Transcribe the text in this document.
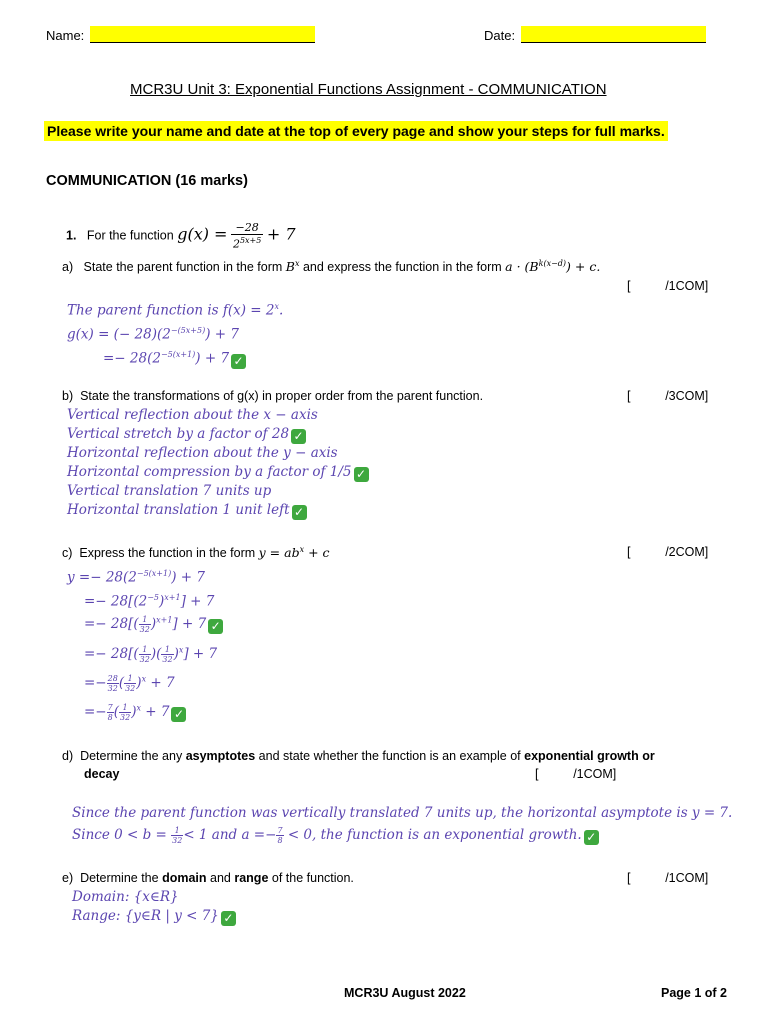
Name:	Date:
MCR3U Unit 3: Exponential Functions Assignment - COMMUNICATION
Please write your name and date at the top of every page and show your steps for full marks.
COMMUNICATION (16 marks)
1. For the function $g(x) = \frac{-28}{2^{5x+5}} + 7$
a) State the parent function in the form $B^x$ and express the function in the form $a \cdot (B^{k(x-d)}) + c$.
[          /1COM]
The parent function is $f(x) = 2^x$.
g(x) = (− $28)(2^{-(5x+5)}) + 7$
=− $28(2^{-5(x+1)}) + 7$ ✓
b) State the transformations of g(x) in proper order from the parent function.	[          /3COM]
Vertical reflection about the x − axis
Vertical stretch by a factor of 28 ✓
Horizontal reflection about the y − axis
Horizontal compression by a factor of 1/5 ✓
Vertical translation 7 units up
Horizontal translation 1 unit left ✓
c) Express the function in the form $y = ab^x + c$	[          /2COM]
$y =- 28(2^{-5(x+1)}) + 7$
=− $28[(2^{-5})^{x+1}] + 7$
=− $28[( \frac{1}{32} )^{x+1}] + 7$ ✓
=− $28[( \frac{1}{32}$ )( $\frac{1}{32} )^x] + 7$
=− $\frac{28}{32}$ ( $\frac{1}{32} )^x + 7$
=− $\frac{7}{8}$ ( $\frac{1}{32} )^x + 7$ ✓
d) Determine the any asymptotes and state whether the function is an example of exponential growth or
decay	[          /1COM]
Since the parent function was vertically translated 7 units up, the horizontal asymptote is y = 7.
Since $0 < b = \frac{1}{32} < 1$ and $a =- \frac{7}{8} < 0$, the function is an exponential growth. ✓
e) Determine the domain and range of the function.	[          /1COM]
Domain: {x∈R}
Range: {y∈R | y < 7} ✓
MCR3U August 2022	Page 1 of 2
